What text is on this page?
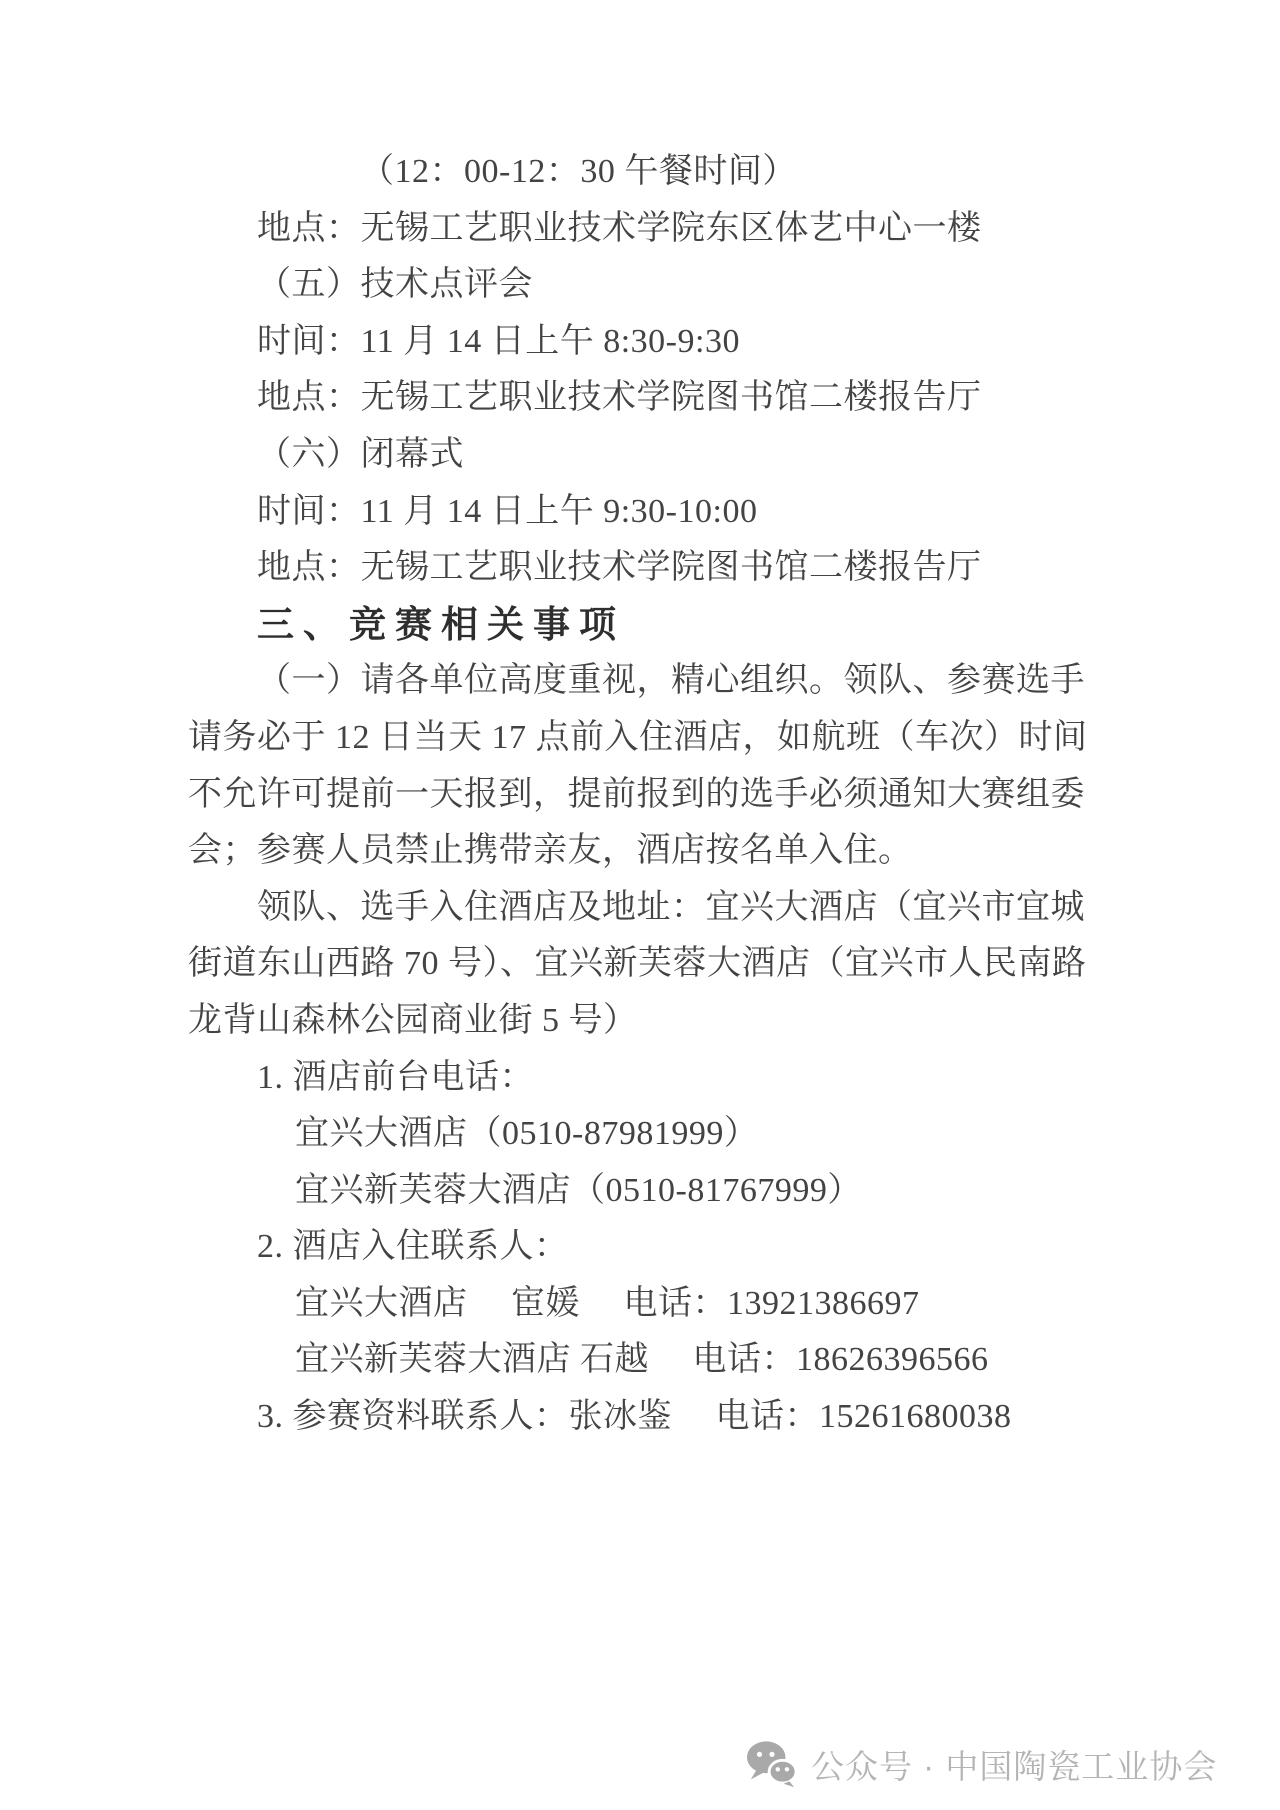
（12：00-12：30 午餐时间）
地点：无锡工艺职业技术学院东区体艺中心一楼
（五）技术点评会
时间：11 月 14 日上午 8:30-9:30
地点：无锡工艺职业技术学院图书馆二楼报告厅
（六）闭幕式
时间：11 月 14 日上午 9:30-10:00
地点：无锡工艺职业技术学院图书馆二楼报告厅
三、竞赛相关事项
（一）请各单位高度重视，精心组织。领队、参赛选手
请务必于 12 日当天 17 点前入住酒店，如航班（车次）时间
不允许可提前一天报到，提前报到的选手必须通知大赛组委
会；参赛人员禁止携带亲友，酒店按名单入住。
领队、选手入住酒店及地址：宜兴大酒店（宜兴市宜城
街道东山西路 70 号）、宜兴新芙蓉大酒店（宜兴市人民南路
龙背山森林公园商业街 5 号）
1. 酒店前台电话：
宜兴大酒店（0510-87981999）
宜兴新芙蓉大酒店（0510-81767999）
2. 酒店入住联系人：
宜兴大酒店　 宦媛　 电话：13921386697
宜兴新芙蓉大酒店 石越　 电话：18626396566
3. 参赛资料联系人：张冰鉴　 电话：15261680038
公众号 · 中国陶瓷工业协会
